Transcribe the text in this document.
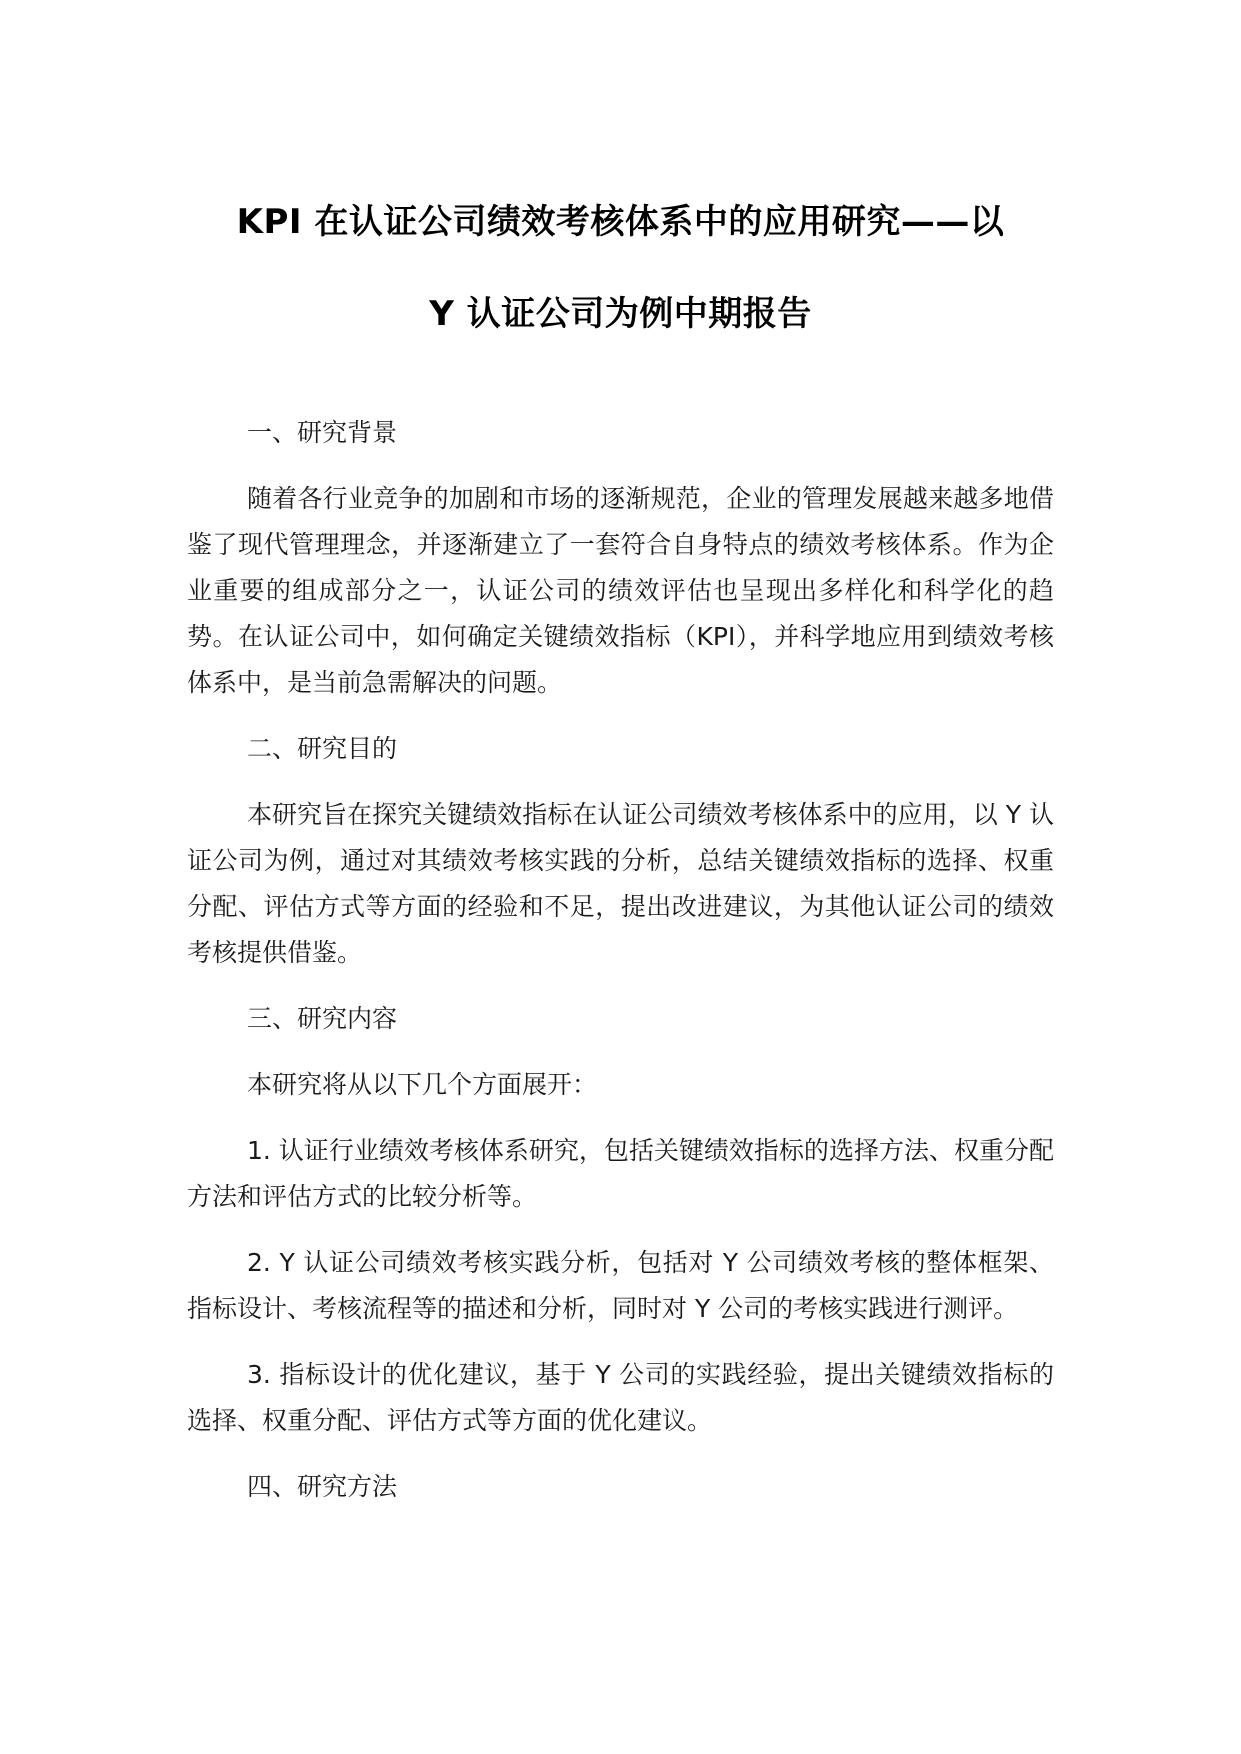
KPI 在认证公司绩效考核体系中的应用研究——以
Y 认证公司为例中期报告

一、研究背景

随着各行业竞争的加剧和市场的逐渐规范，企业的管理发展越来越多地借鉴了现代管理理念，并逐渐建立了一套符合自身特点的绩效考核体系。作为企业重要的组成部分之一，认证公司的绩效评估也呈现出多样化和科学化的趋势。在认证公司中，如何确定关键绩效指标（KPI），并科学地应用到绩效考核体系中，是当前急需解决的问题。

二、研究目的

本研究旨在探究关键绩效指标在认证公司绩效考核体系中的应用，以 Y 认证公司为例，通过对其绩效考核实践的分析，总结关键绩效指标的选择、权重分配、评估方式等方面的经验和不足，提出改进建议，为其他认证公司的绩效考核提供借鉴。

三、研究内容

本研究将从以下几个方面展开：

1. 认证行业绩效考核体系研究，包括关键绩效指标的选择方法、权重分配方法和评估方式的比较分析等。

2. Y 认证公司绩效考核实践分析，包括对 Y 公司绩效考核的整体框架、指标设计、考核流程等的描述和分析，同时对 Y 公司的考核实践进行测评。

3. 指标设计的优化建议，基于 Y 公司的实践经验，提出关键绩效指标的选择、权重分配、评估方式等方面的优化建议。

四、研究方法
